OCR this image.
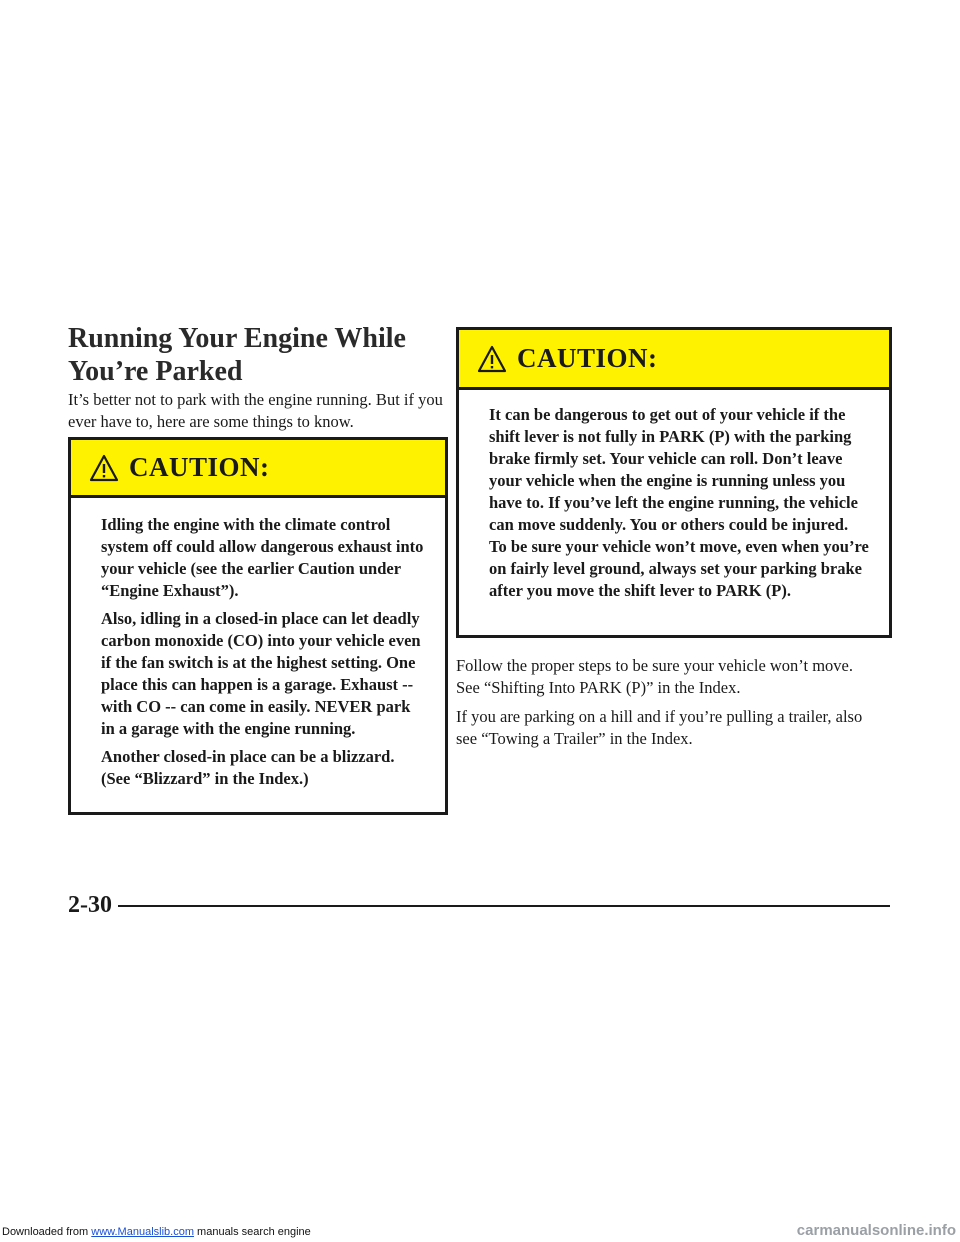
Running Your Engine While You’re Parked

It’s better not to park with the engine running. But if you ever have to, here are some things to know.

CAUTION:

Idling the engine with the climate control system off could allow dangerous exhaust into your vehicle (see the earlier Caution under “Engine Exhaust”).

Also, idling in a closed-in place can let deadly carbon monoxide (CO) into your vehicle even if the fan switch is at the highest setting. One place this can happen is a garage. Exhaust -- with CO -- can come in easily. NEVER park in a garage with the engine running.

Another closed-in place can be a blizzard. (See “Blizzard” in the Index.)

CAUTION:

It can be dangerous to get out of your vehicle if the shift lever is not fully in PARK (P) with the parking brake firmly set. Your vehicle can roll. Don’t leave your vehicle when the engine is running unless you have to. If you’ve left the engine running, the vehicle can move suddenly. You or others could be injured. To be sure your vehicle won’t move, even when you’re on fairly level ground, always set your parking brake after you move the shift lever to PARK (P).

Follow the proper steps to be sure your vehicle won’t move. See “Shifting Into PARK (P)” in the Index.

If you are parking on a hill and if you’re pulling a trailer, also see “Towing a Trailer” in the Index.

2-30
Downloaded from www.Manualslib.com manuals search engine	carmanualsonline.info
